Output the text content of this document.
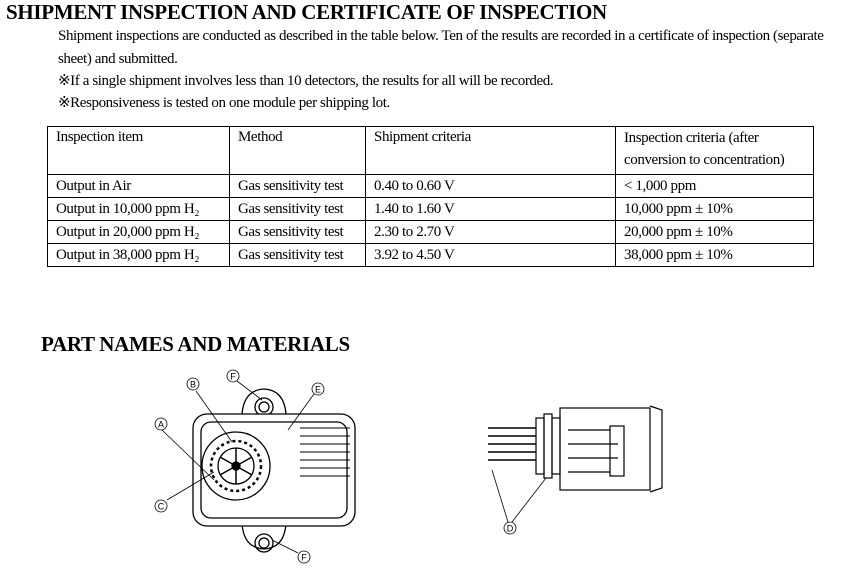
SHIPMENT INSPECTION AND CERTIFICATE OF INSPECTION
Shipment inspections are conducted as described in the table below. Ten of the results are recorded in a certificate of inspection (separate
sheet) and submitted.
※If a single shipment involves less than 10 detectors, the results for all will be recorded.
※Responsiveness is tested on one module per shipping lot.
Inspection item	Method	Shipment criteria	Inspection criteria (after
conversion to concentration)

Output in Air	Gas sensitivity test	0.40 to 0.60 V	< 1,000 ppm
Output in 10,000 ppm H₂	Gas sensitivity test	1.40 to 1.60 V	10,000 ppm ± 10%
Output in 20,000 ppm H₂	Gas sensitivity test	2.30 to 2.70 V	20,000 ppm ± 10%
Output in 38,000 ppm H₂	Gas sensitivity test	3.92 to 4.50 V	38,000 ppm ± 10%
PART NAMES AND MATERIALS
A
B
C
D
E
F
F
